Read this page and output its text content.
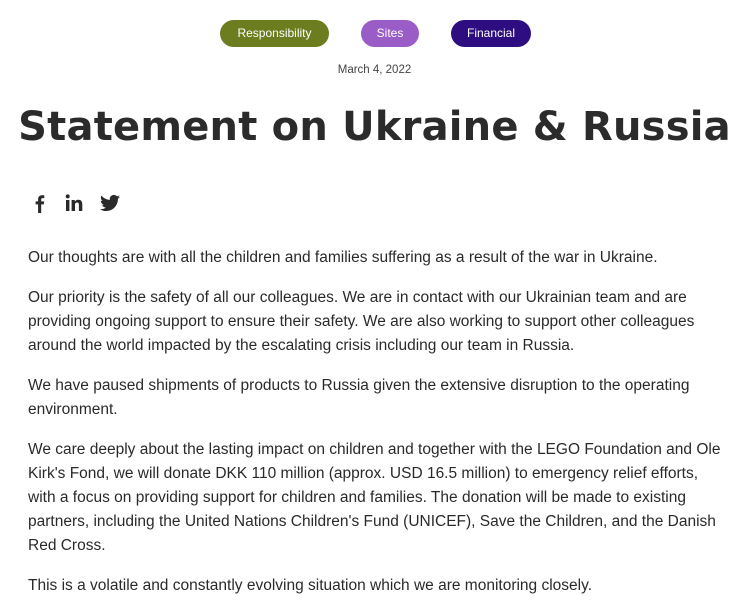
Responsibility	Sites	Financial
March 4, 2022
Statement on Ukraine & Russia

Our thoughts are with all the children and families suffering as a result of the war in Ukraine.

Our priority is the safety of all our colleagues. We are in contact with our Ukrainian team and are providing ongoing support to ensure their safety. We are also working to support other colleagues around the world impacted by the escalating crisis including our team in Russia.

We have paused shipments of products to Russia given the extensive disruption to the operating environment.

We care deeply about the lasting impact on children and together with the LEGO Foundation and Ole Kirk's Fond, we will donate DKK 110 million (approx. USD 16.5 million) to emergency relief efforts, with a focus on providing support for children and families. The donation will be made to existing partners, including the United Nations Children's Fund (UNICEF), Save the Children, and the Danish Red Cross.

This is a volatile and constantly evolving situation which we are monitoring closely.
